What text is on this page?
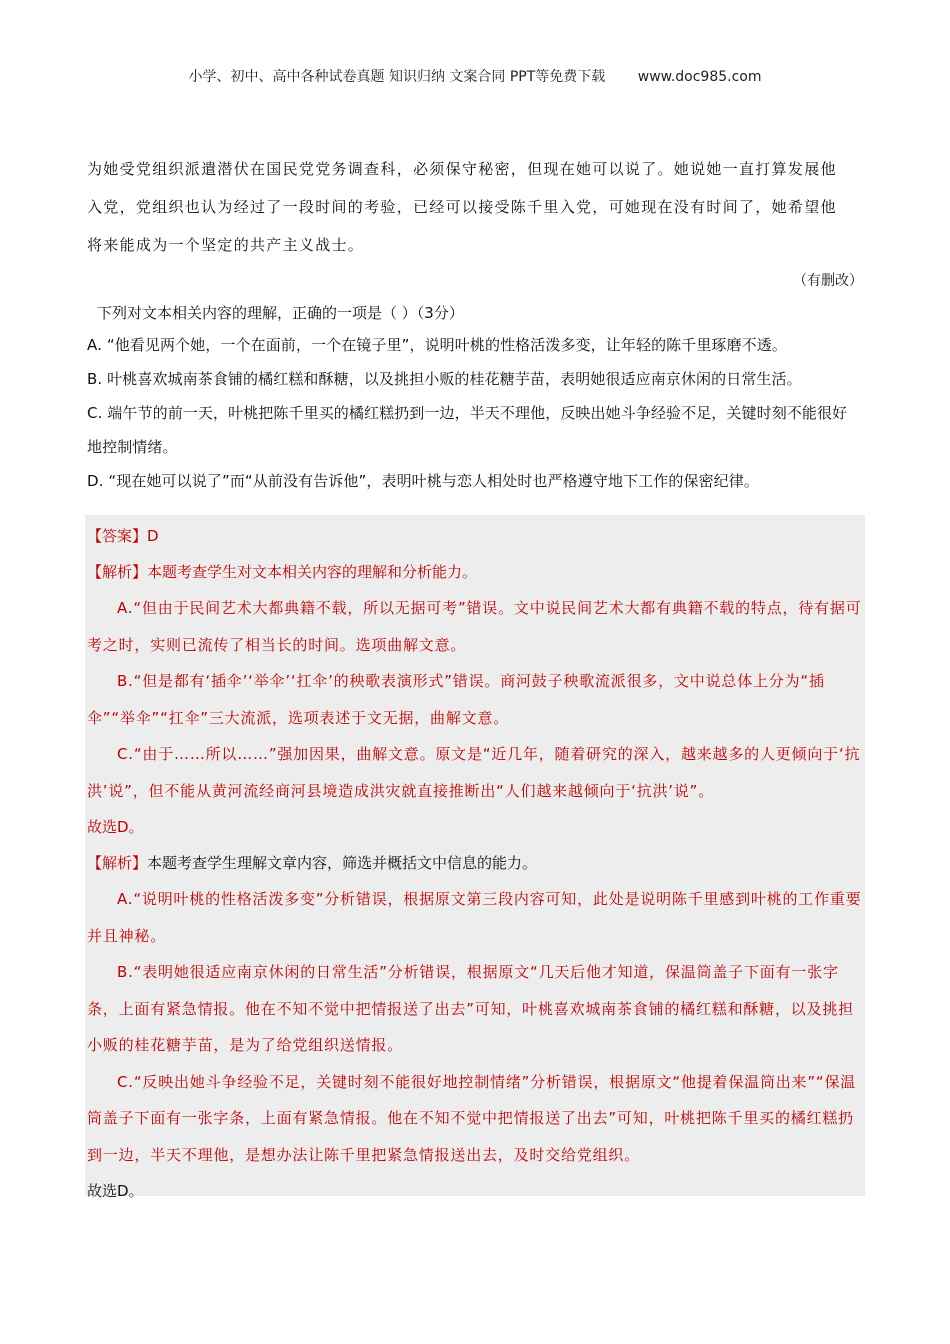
小学、初中、高中各种试卷真题 知识归纳 文案合同 PPT等免费下载 www.doc985.com

为她受党组织派遣潜伏在国民党党务调查科，必须保守秘密，但现在她可以说了。她说她一直打算发展他

入党，党组织也认为经过了一段时间的考验，已经可以接受陈千里入党，可她现在没有时间了，她希望他

将来能成为一个坚定的共产主义战士。

（有删改）

下列对文本相关内容的理解，正确的一项是（ ）（3分）

A. “他看见两个她，一个在面前，一个在镜子里”，说明叶桃的性格活泼多变，让年轻的陈千里琢磨不透。

B. 叶桃喜欢城南茶食铺的橘红糕和酥糖，以及挑担小贩的桂花糖芋苗，表明她很适应南京休闲的日常生活。

C. 端午节的前一天，叶桃把陈千里买的橘红糕扔到一边，半天不理他，反映出她斗争经验不足，关键时刻不能很好地控制情绪。

D. “现在她可以说了”而“从前没有告诉他”，表明叶桃与恋人相处时也严格遵守地下工作的保密纪律。

【答案】D

【解析】本题考查学生对文本相关内容的理解和分析能力。

A.“但由于民间艺术大都典籍不载，所以无据可考”错误。文中说民间艺术大都有典籍不载的特点，待有据可考之时，实则已流传了相当长的时间。选项曲解文意。

B.“但是都有‘插伞’‘举伞’‘扛伞’的秧歌表演形式”错误。商河鼓子秧歌流派很多，文中说总体上分为“插伞”“举伞”“扛伞”三大流派，选项表述于文无据，曲解文意。

C.“由于……所以……”强加因果，曲解文意。原文是“近几年，随着研究的深入，越来越多的人更倾向于‘抗洪’说”，但不能从黄河流经商河县境造成洪灾就直接推断出“人们越来越倾向于‘抗洪’说”。

故选D。

【解析】本题考查学生理解文章内容，筛选并概括文中信息的能力。

A.“说明叶桃的性格活泼多变”分析错误，根据原文第三段内容可知，此处是说明陈千里感到叶桃的工作重要并且神秘。

B.“表明她很适应南京休闲的日常生活”分析错误，根据原文“几天后他才知道，保温筒盖子下面有一张字条，上面有紧急情报。他在不知不觉中把情报送了出去”可知，叶桃喜欢城南茶食铺的橘红糕和酥糖，以及挑担小贩的桂花糖芋苗，是为了给党组织送情报。

C.“反映出她斗争经验不足，关键时刻不能很好地控制情绪”分析错误，根据原文“他提着保温筒出来”“保温筒盖子下面有一张字条，上面有紧急情报。他在不知不觉中把情报送了出去”可知，叶桃把陈千里买的橘红糕扔到一边，半天不理他，是想办法让陈千里把紧急情报送出去，及时交给党组织。

故选D。
